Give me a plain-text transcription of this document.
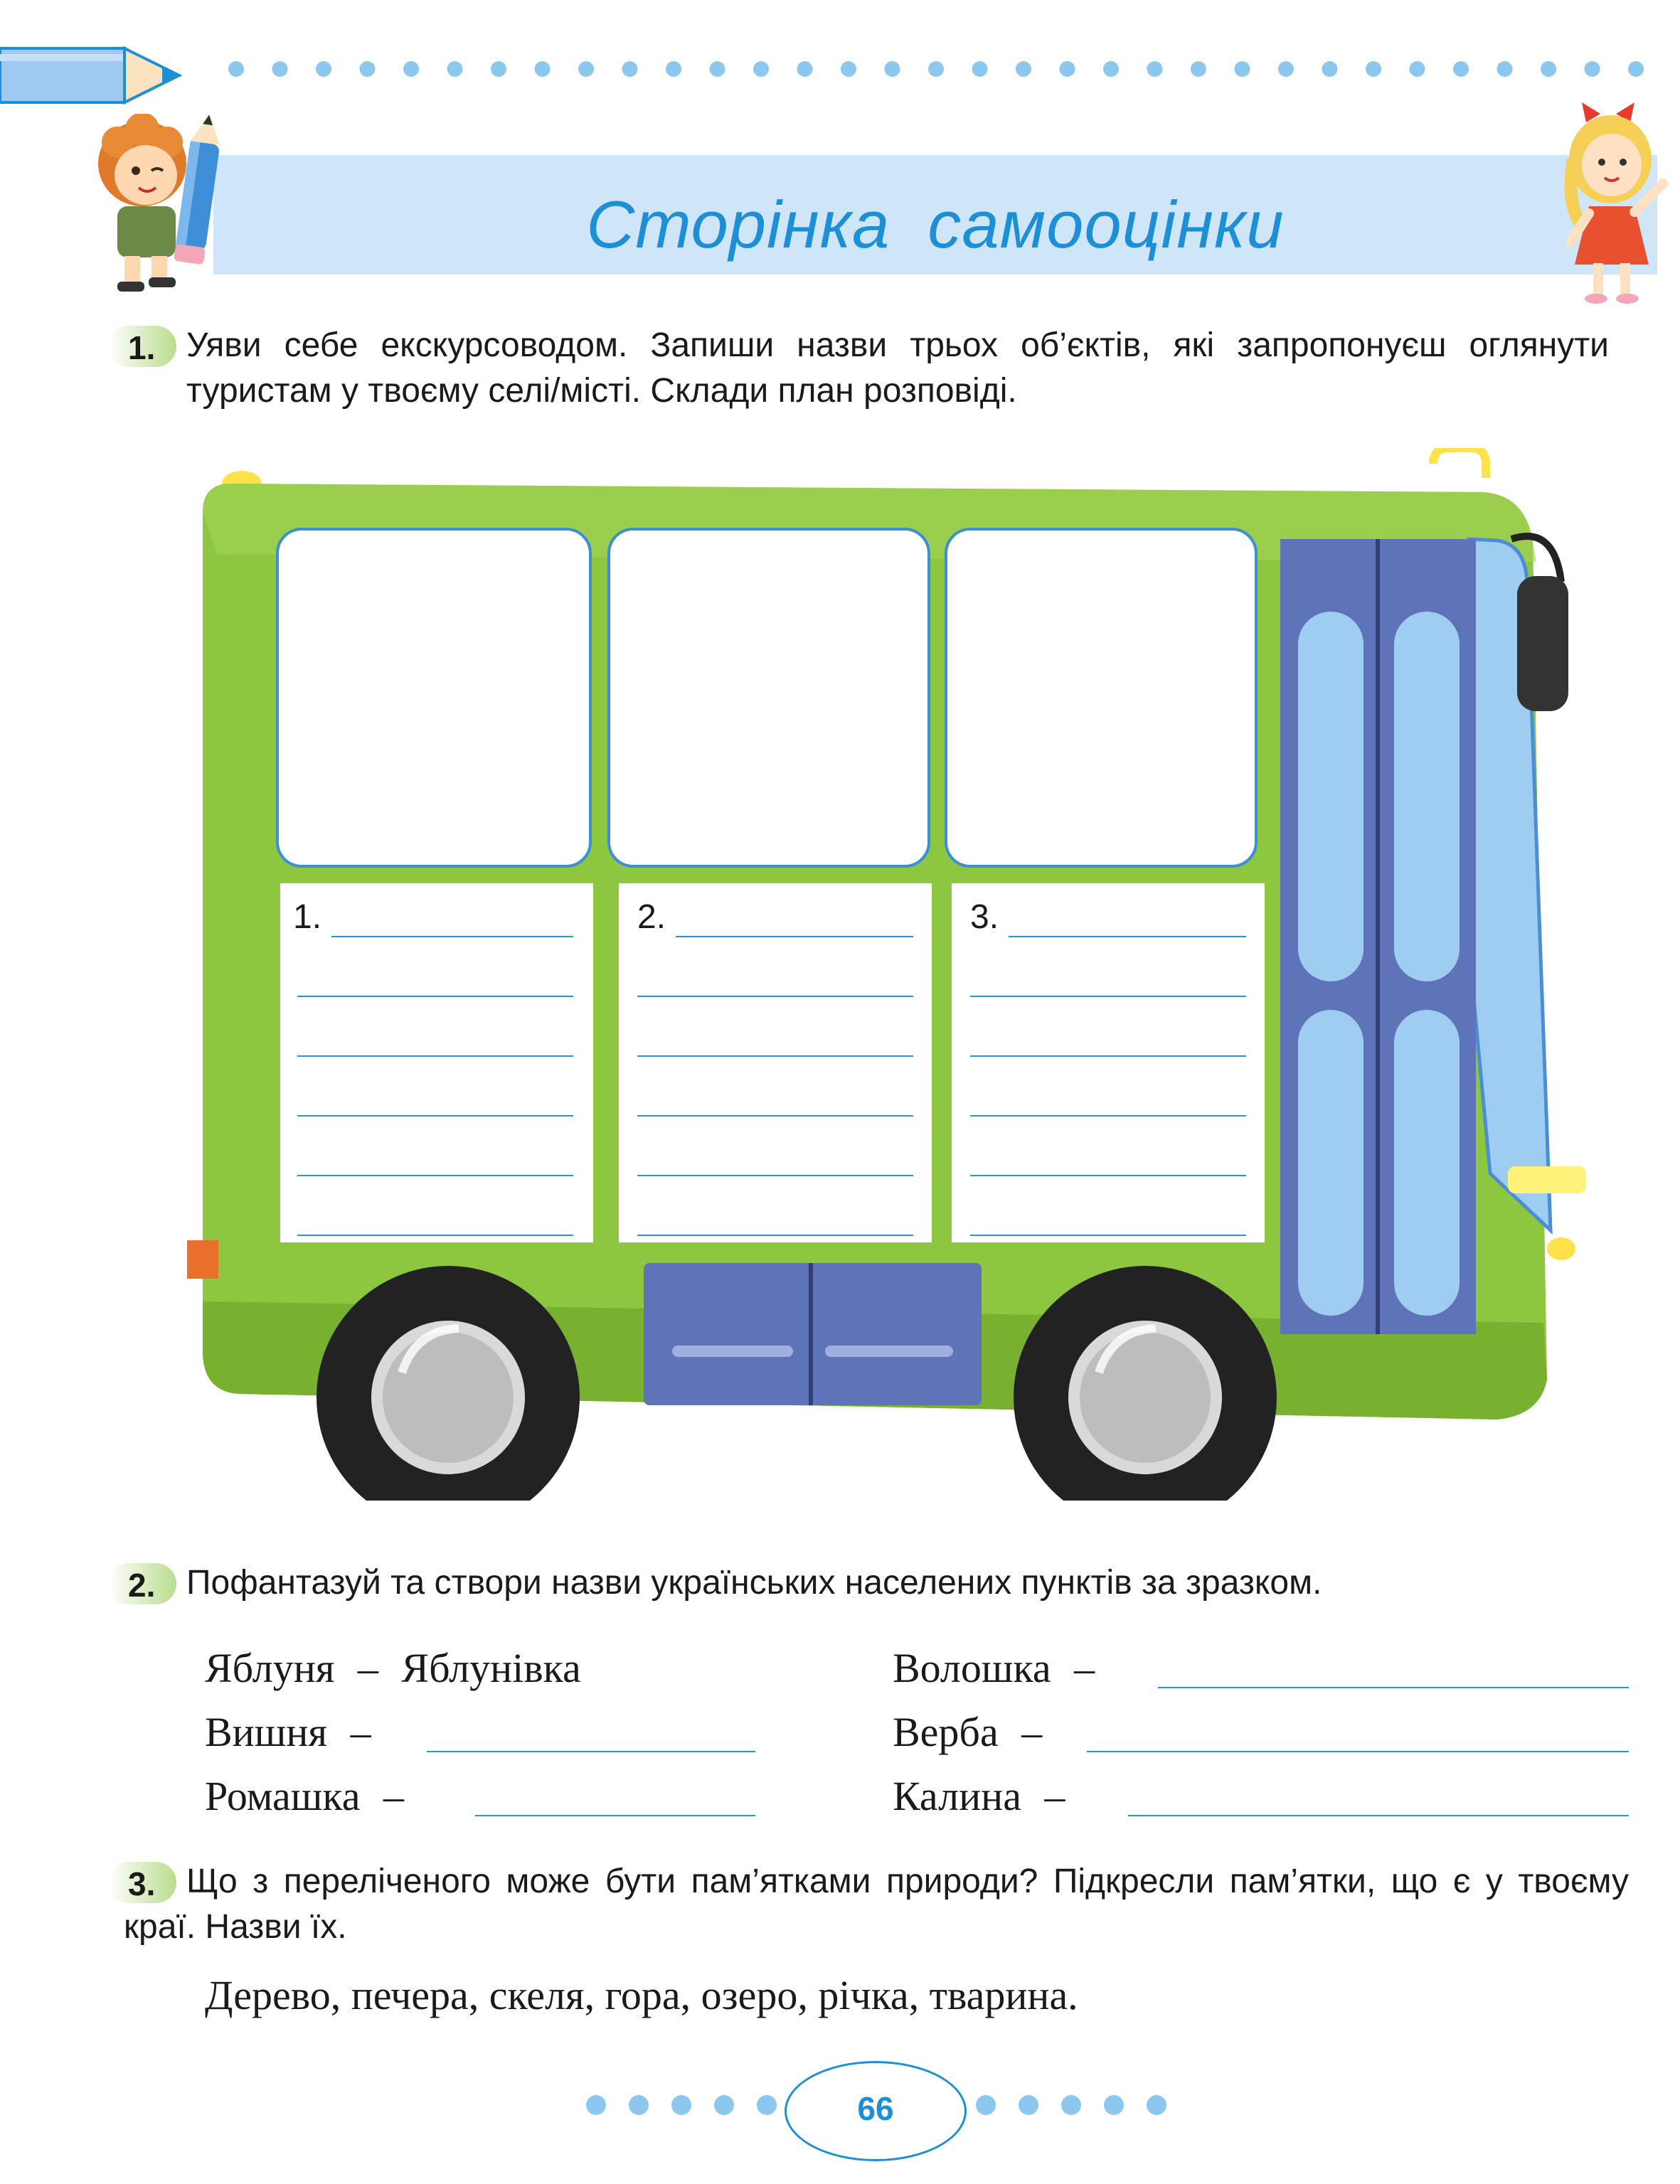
Сторінка самооцінки
1. Уяви себе екскурсоводом. Запиши назви трьох об’єктів, які запропонуєш оглянути туристам у твоєму селі/місті. Склади план розповіді.
1.	2.	3.
2. Пофантазуй та створи назви українських населених пунктів за зразком.
Яблуня – Яблунівка
Вишня –
Ромашка –
Волошка –
Верба –
Калина –
3. Що з переліченого може бути пам’ятками природи? Підкресли пам’ятки, що є у твоєму краї. Назви їх.
Дерево, печера, скеля, гора, озеро, річка, тварина.
66
